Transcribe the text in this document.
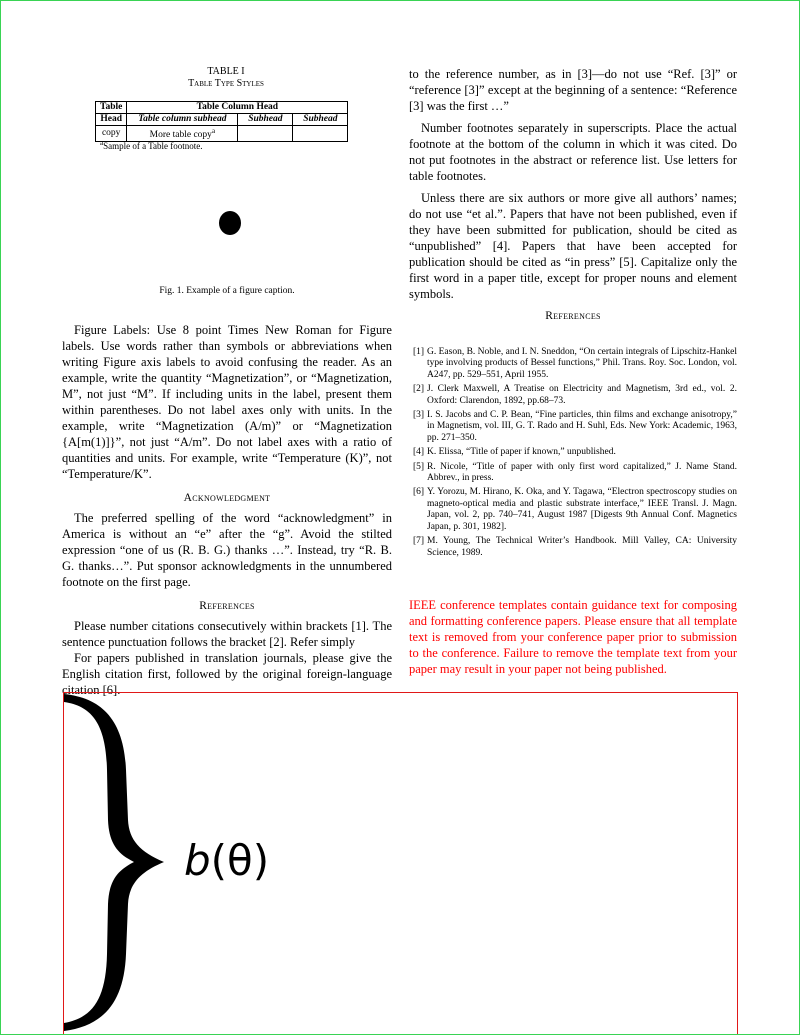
TABLE I
Table Type Styles
Table	Table Column Head		
Head	Table column subhead	Subhead	Subhead
copy	More table copy$^a$		
$^a$Sample of a Table footnote.
Fig. 1. Example of a figure caption.

Figure Labels: Use 8 point Times New Roman for Figure labels. Use words rather than symbols or abbreviations when writing Figure axis labels to avoid confusing the reader. As an example, write the quantity “Magnetization”, or “Magnetization, M”, not just “M”. If including units in the label, present them within parentheses. Do not label axes only with units. In the example, write “Magnetization (A/m)” or “Magnetization {A[m(1)]}”, not just “A/m”. Do not label axes with a ratio of quantities and units. For example, write “Temperature (K)”, not “Temperature/K”.

Acknowledgment

The preferred spelling of the word “acknowledgment” in America is without an “e” after the “g”. Avoid the stilted expression “one of us (R. B. G.) thanks …”. Instead, try “R. B. G. thanks…”. Put sponsor acknowledgments in the unnumbered footnote on the first page.

References

Please number citations consecutively within brackets [1]. The sentence punctuation follows the bracket [2]. Refer simply

For papers published in translation journals, please give the English citation first, followed by the original foreign-language citation [6].

to the reference number, as in [3]—do not use “Ref. [3]” or “reference [3]” except at the beginning of a sentence: “Reference [3] was the first …”

Number footnotes separately in superscripts. Place the actual footnote at the bottom of the column in which it was cited. Do not put footnotes in the abstract or reference list. Use letters for table footnotes.

Unless there are six authors or more give all authors’ names; do not use “et al.”. Papers that have not been published, even if they have been submitted for publication, should be cited as “unpublished” [4]. Papers that have been accepted for publication should be cited as “in press” [5]. Capitalize only the first word in a paper title, except for proper nouns and element symbols.

References
[1] G. Eason, B. Noble, and I. N. Sneddon, “On certain integrals of Lipschitz-Hankel type involving products of Bessel functions,” Phil. Trans. Roy. Soc. London, vol. A247, pp. 529–551, April 1955.
[2] J. Clerk Maxwell, A Treatise on Electricity and Magnetism, 3rd ed., vol. 2. Oxford: Clarendon, 1892, pp.68–73.
[3] I. S. Jacobs and C. P. Bean, “Fine particles, thin films and exchange anisotropy,” in Magnetism, vol. III, G. T. Rado and H. Suhl, Eds. New York: Academic, 1963, pp. 271–350.
[4] K. Elissa, “Title of paper if known,” unpublished.
[5] R. Nicole, “Title of paper with only first word capitalized,” J. Name Stand. Abbrev., in press.
[6] Y. Yorozu, M. Hirano, K. Oka, and Y. Tagawa, “Electron spectroscopy studies on magneto-optical media and plastic substrate interface,” IEEE Transl. J. Magn. Japan, vol. 2, pp. 740–741, August 1987 [Digests 9th Annual Conf. Magnetics Japan, p. 301, 1982].
[7] M. Young, The Technical Writer’s Handbook. Mill Valley, CA: University Science, 1989.
IEEE conference templates contain guidance text for composing and formatting conference papers. Please ensure that all template text is removed from your conference paper prior to submission to the conference. Failure to remove the template text from your paper may result in your paper not being published.
b(θ)
